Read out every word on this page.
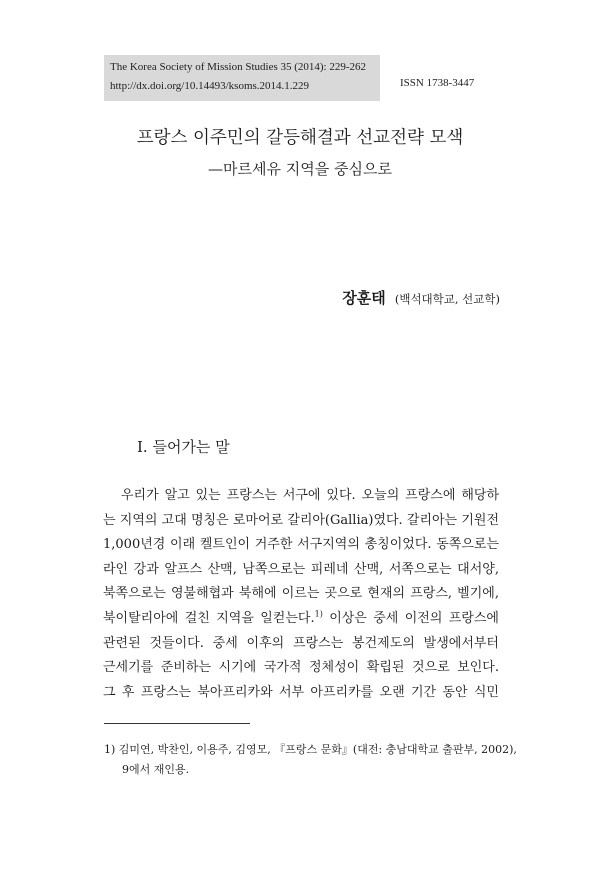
The Korea Society of Mission Studies 35 (2014): 229-262
http://dx.doi.org/10.14493/ksoms.2014.1.229	ISSN 1738-3447
프랑스 이주민의 갈등해결과 선교전략 모색
—마르세유 지역을 중심으로
장훈태 (백석대학교, 선교학)
Ⅰ. 들어가는 말
우리가 알고 있는 프랑스는 서구에 있다. 오늘의 프랑스에 해당하
는 지역의 고대 명칭은 로마어로 갈리아(Gallia)였다. 갈리아는 기원전
1,000년경 이래 켈트인이 거주한 서구지역의 총칭이었다. 동쪽으로는
라인 강과 알프스 산맥, 남쪽으로는 피레네 산맥, 서쪽으로는 대서양,
북쪽으로는 영불해협과 북해에 이르는 곳으로 현재의 프랑스, 벨기에,
북이탈리아에 걸친 지역을 일컫는다.$^{1)}$ 이상은 중세 이전의 프랑스에
관련된 것들이다. 중세 이후의 프랑스는 봉건제도의 발생에서부터
근세기를 준비하는 시기에 국가적 정체성이 확립된 것으로 보인다.
그 후 프랑스는 북아프리카와 서부 아프리카를 오랜 기간 동안 식민
1) 김미연, 박찬인, 이용주, 김영모, 『프랑스 문화』(대전: 충남대학교 출판부, 2002),
9에서 재인용.
